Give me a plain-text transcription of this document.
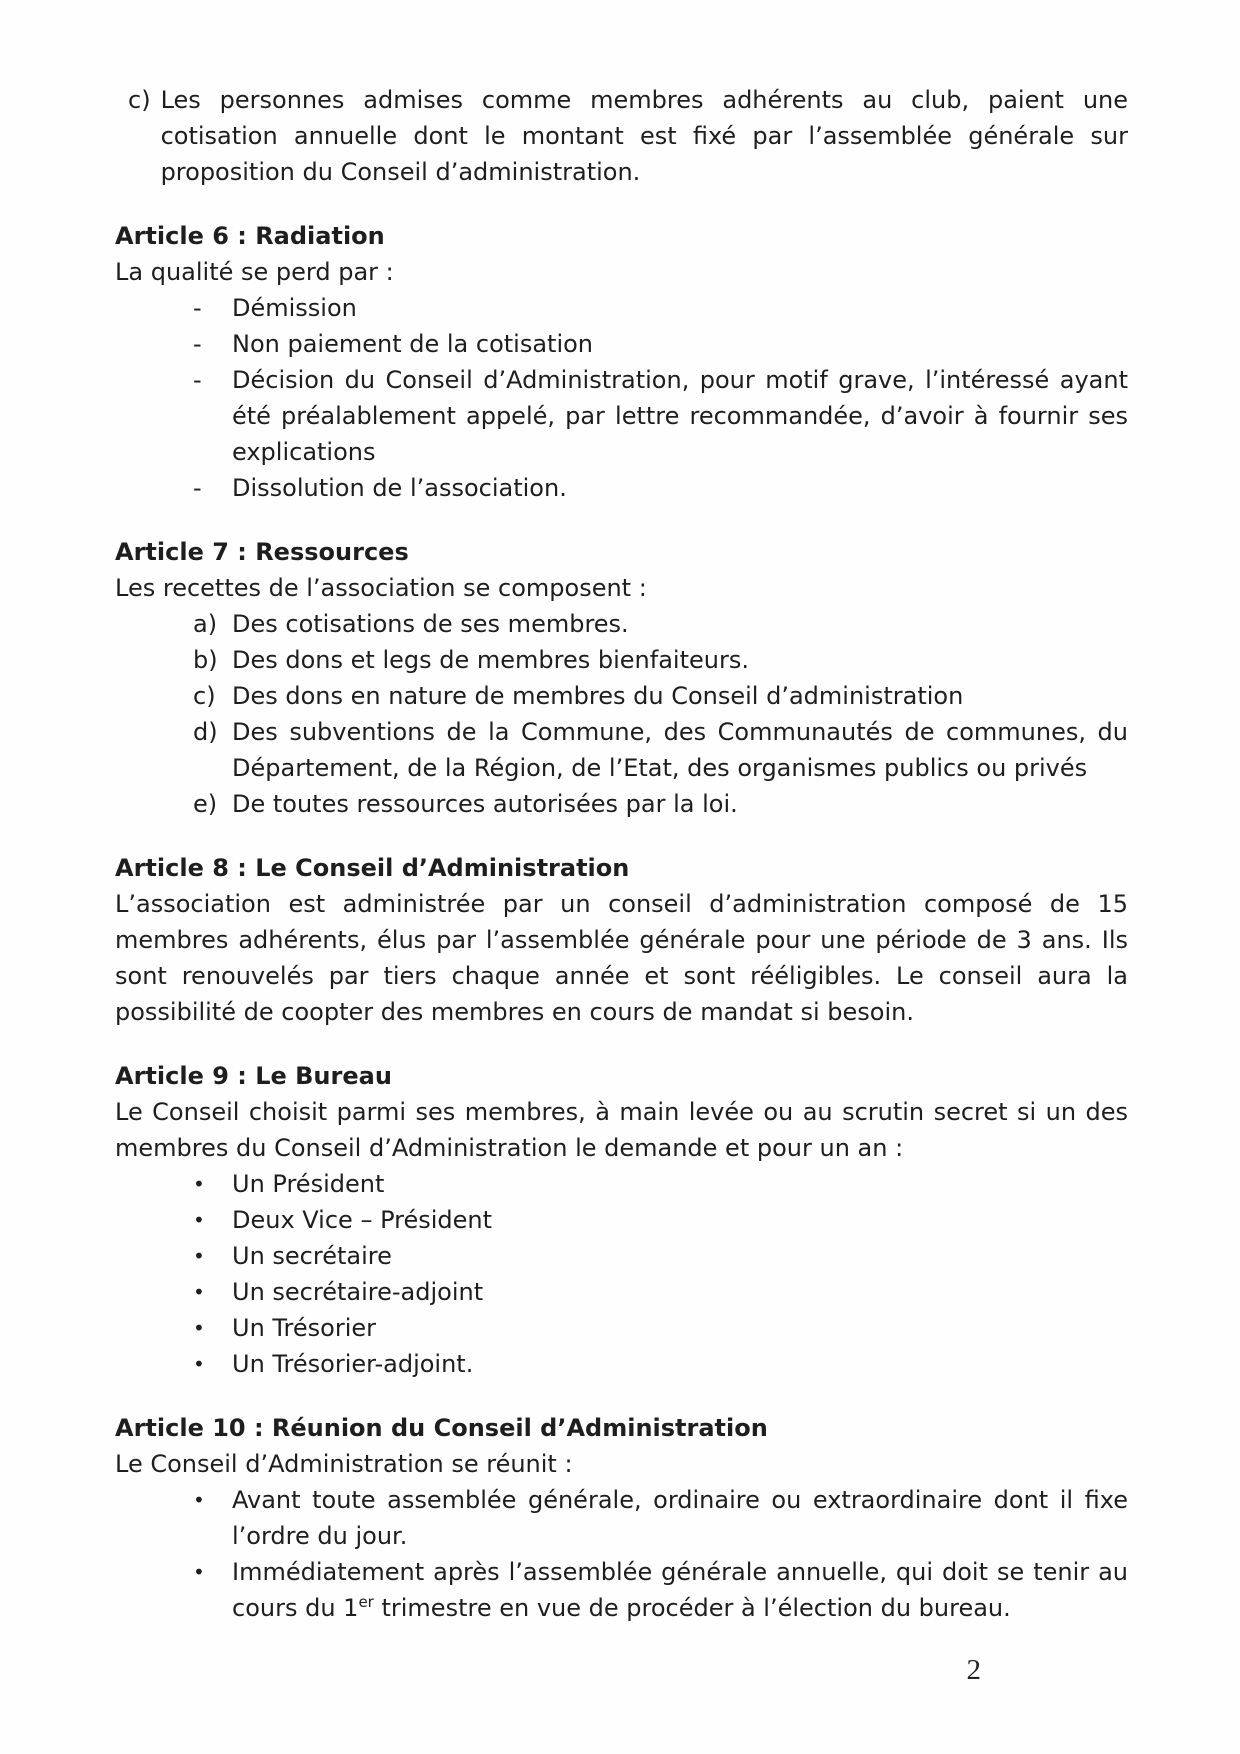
c) Les personnes admises comme membres adhérents au club, paient une cotisation annuelle dont le montant est fixé par l’assemblée générale sur proposition du Conseil d’administration.
Article 6 : Radiation

La qualité se perd par :

-	Démission
-	Non paiement de la cotisation
-	Décision du Conseil d’Administration, pour motif grave, l’intéressé ayant été préalablement appelé, par lettre recommandée, d’avoir à fournir ses explications
-	Dissolution de l’association.
Article 7 : Ressources

Les recettes de l’association se composent :

a) Des cotisations de ses membres.
b) Des dons et legs de membres bienfaiteurs.
c) Des dons en nature de membres du Conseil d’administration
d) Des subventions de la Commune, des Communautés de communes, du Département, de la Région, de l’Etat, des organismes publics ou privés
e) De toutes ressources autorisées par la loi.
Article 8 : Le Conseil d’Administration

L’association est administrée par un conseil d’administration composé de 15 membres adhérents, élus par l’assemblée générale pour une période de 3 ans. Ils sont renouvelés par tiers chaque année et sont rééligibles. Le conseil aura la possibilité de coopter des membres en cours de mandat si besoin.

Article 9 : Le Bureau

Le Conseil choisit parmi ses membres, à main levée ou au scrutin secret si un des membres du Conseil d’Administration le demande et pour un an :

•	Un Président
•	Deux Vice – Président
•	Un secrétaire
•	Un secrétaire-adjoint
•	Un Trésorier
•	Un Trésorier-adjoint.
Article 10 : Réunion du Conseil d’Administration

Le Conseil d’Administration se réunit :

•	Avant toute assemblée générale, ordinaire ou extraordinaire dont il fixe l’ordre du jour.
•	Immédiatement après l’assemblée générale annuelle, qui doit se tenir au cours du 1er trimestre en vue de procéder à l’élection du bureau.
2
